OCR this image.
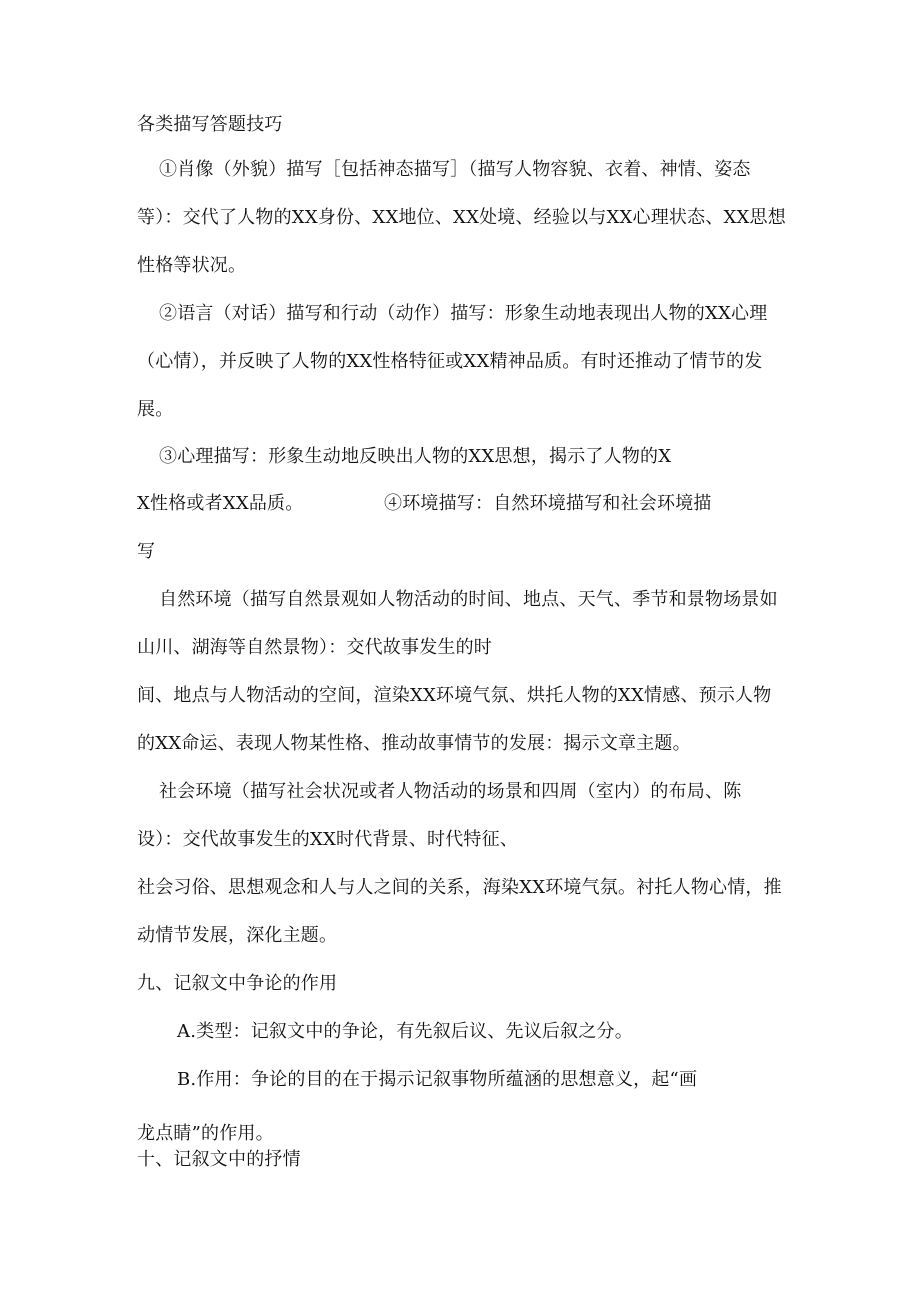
各类描写答题技巧
①肖像（外貌）描写［包括神态描写］（描写人物容貌、衣着、神情、姿态
等）：交代了人物的XX身份、XX地位、XX处境、经验以与XX心理状态、XX思想
性格等状况。
②语言（对话）描写和行动（动作）描写：形象生动地表现出人物的XX心理
（心情），并反映了人物的XX性格特征或XX精神品质。有时还推动了情节的发
展。
③心理描写：形象生动地反映出人物的XX思想，揭示了人物的X
X性格或者XX品质。	④环境描写：自然环境描写和社会环境描
写
自然环境（描写自然景观如人物活动的时间、地点、天气、季节和景物场景如
山川、湖海等自然景物）：交代故事发生的时
间、地点与人物活动的空间，渲染XX环境气氛、烘托人物的XX情感、预示人物
的XX命运、表现人物某性格、推动故事情节的发展：揭示文章主题。
社会环境（描写社会状况或者人物活动的场景和四周（室内）的布局、陈
设）：交代故事发生的XX时代背景、时代特征、
社会习俗、思想观念和人与人之间的关系，海染XX环境气氛。衬托人物心情，推
动情节发展，深化主题。
九、记叙文中争论的作用
A.类型：记叙文中的争论，有先叙后议、先议后叙之分。
B.作用：争论的目的在于揭示记叙事物所蕴涵的思想意义，起“画
龙点睛”的作用。
十、记叙文中的抒情
